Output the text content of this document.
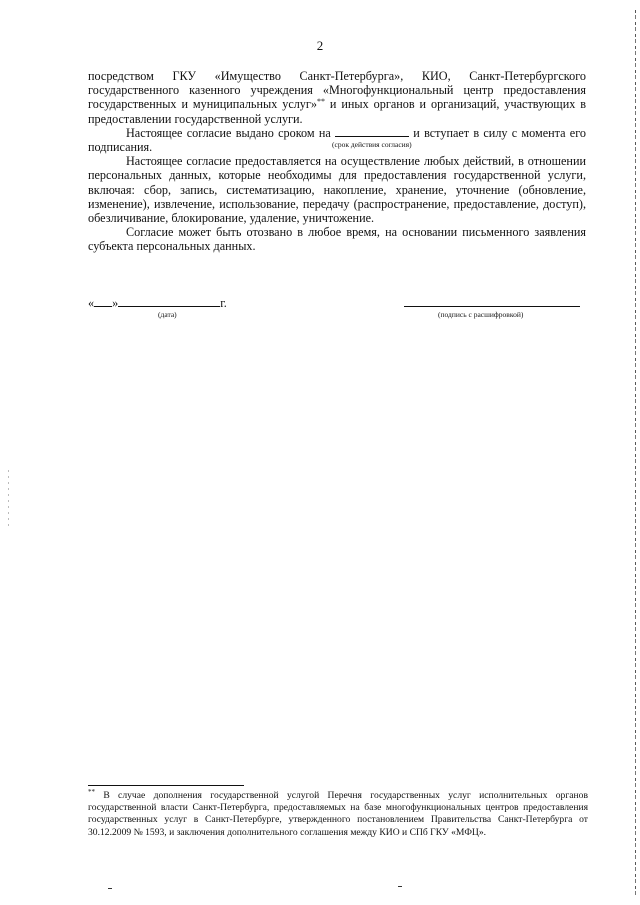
2

посредством ГКУ «Имущество Санкт-Петербурга», КИО, Санкт-Петербургского государственного казенного учреждения «Многофункциональный центр предоставления государственных и муниципальных услуг»** и иных органов и организаций, участвующих в предоставлении государственной услуги.

Настоящее согласие выдано сроком на	и вступает в силу с момента его подписания.

Настоящее согласие предоставляется на осуществление любых действий, в отношении персональных данных, которые необходимы для предоставления государственной услуги, включая: сбор, запись, систематизацию, накопление, хранение, уточнение (обновление, изменение), извлечение, использование, передачу (распространение, предоставление, доступ), обезличивание, блокирование, удаление, уничтожение.

Согласие может быть отозвано в любое время, на основании письменного заявления субъекта персональных данных.

(срок действия согласия)
« »	г.
(дата)	(подпись с расшифровкой)
** В случае дополнения государственной услугой Перечня государственных услуг исполнительных органов государственной власти Санкт-Петербурга, предоставляемых на базе многофункциональных центров предоставления государственных услуг в Санкт-Петербурге, утвержденного постановлением Правительства Санкт-Петербурга от 30.12.2009 № 1593, и заключения дополнительного соглашения между КИО и СПб ГКУ «МФЦ».
